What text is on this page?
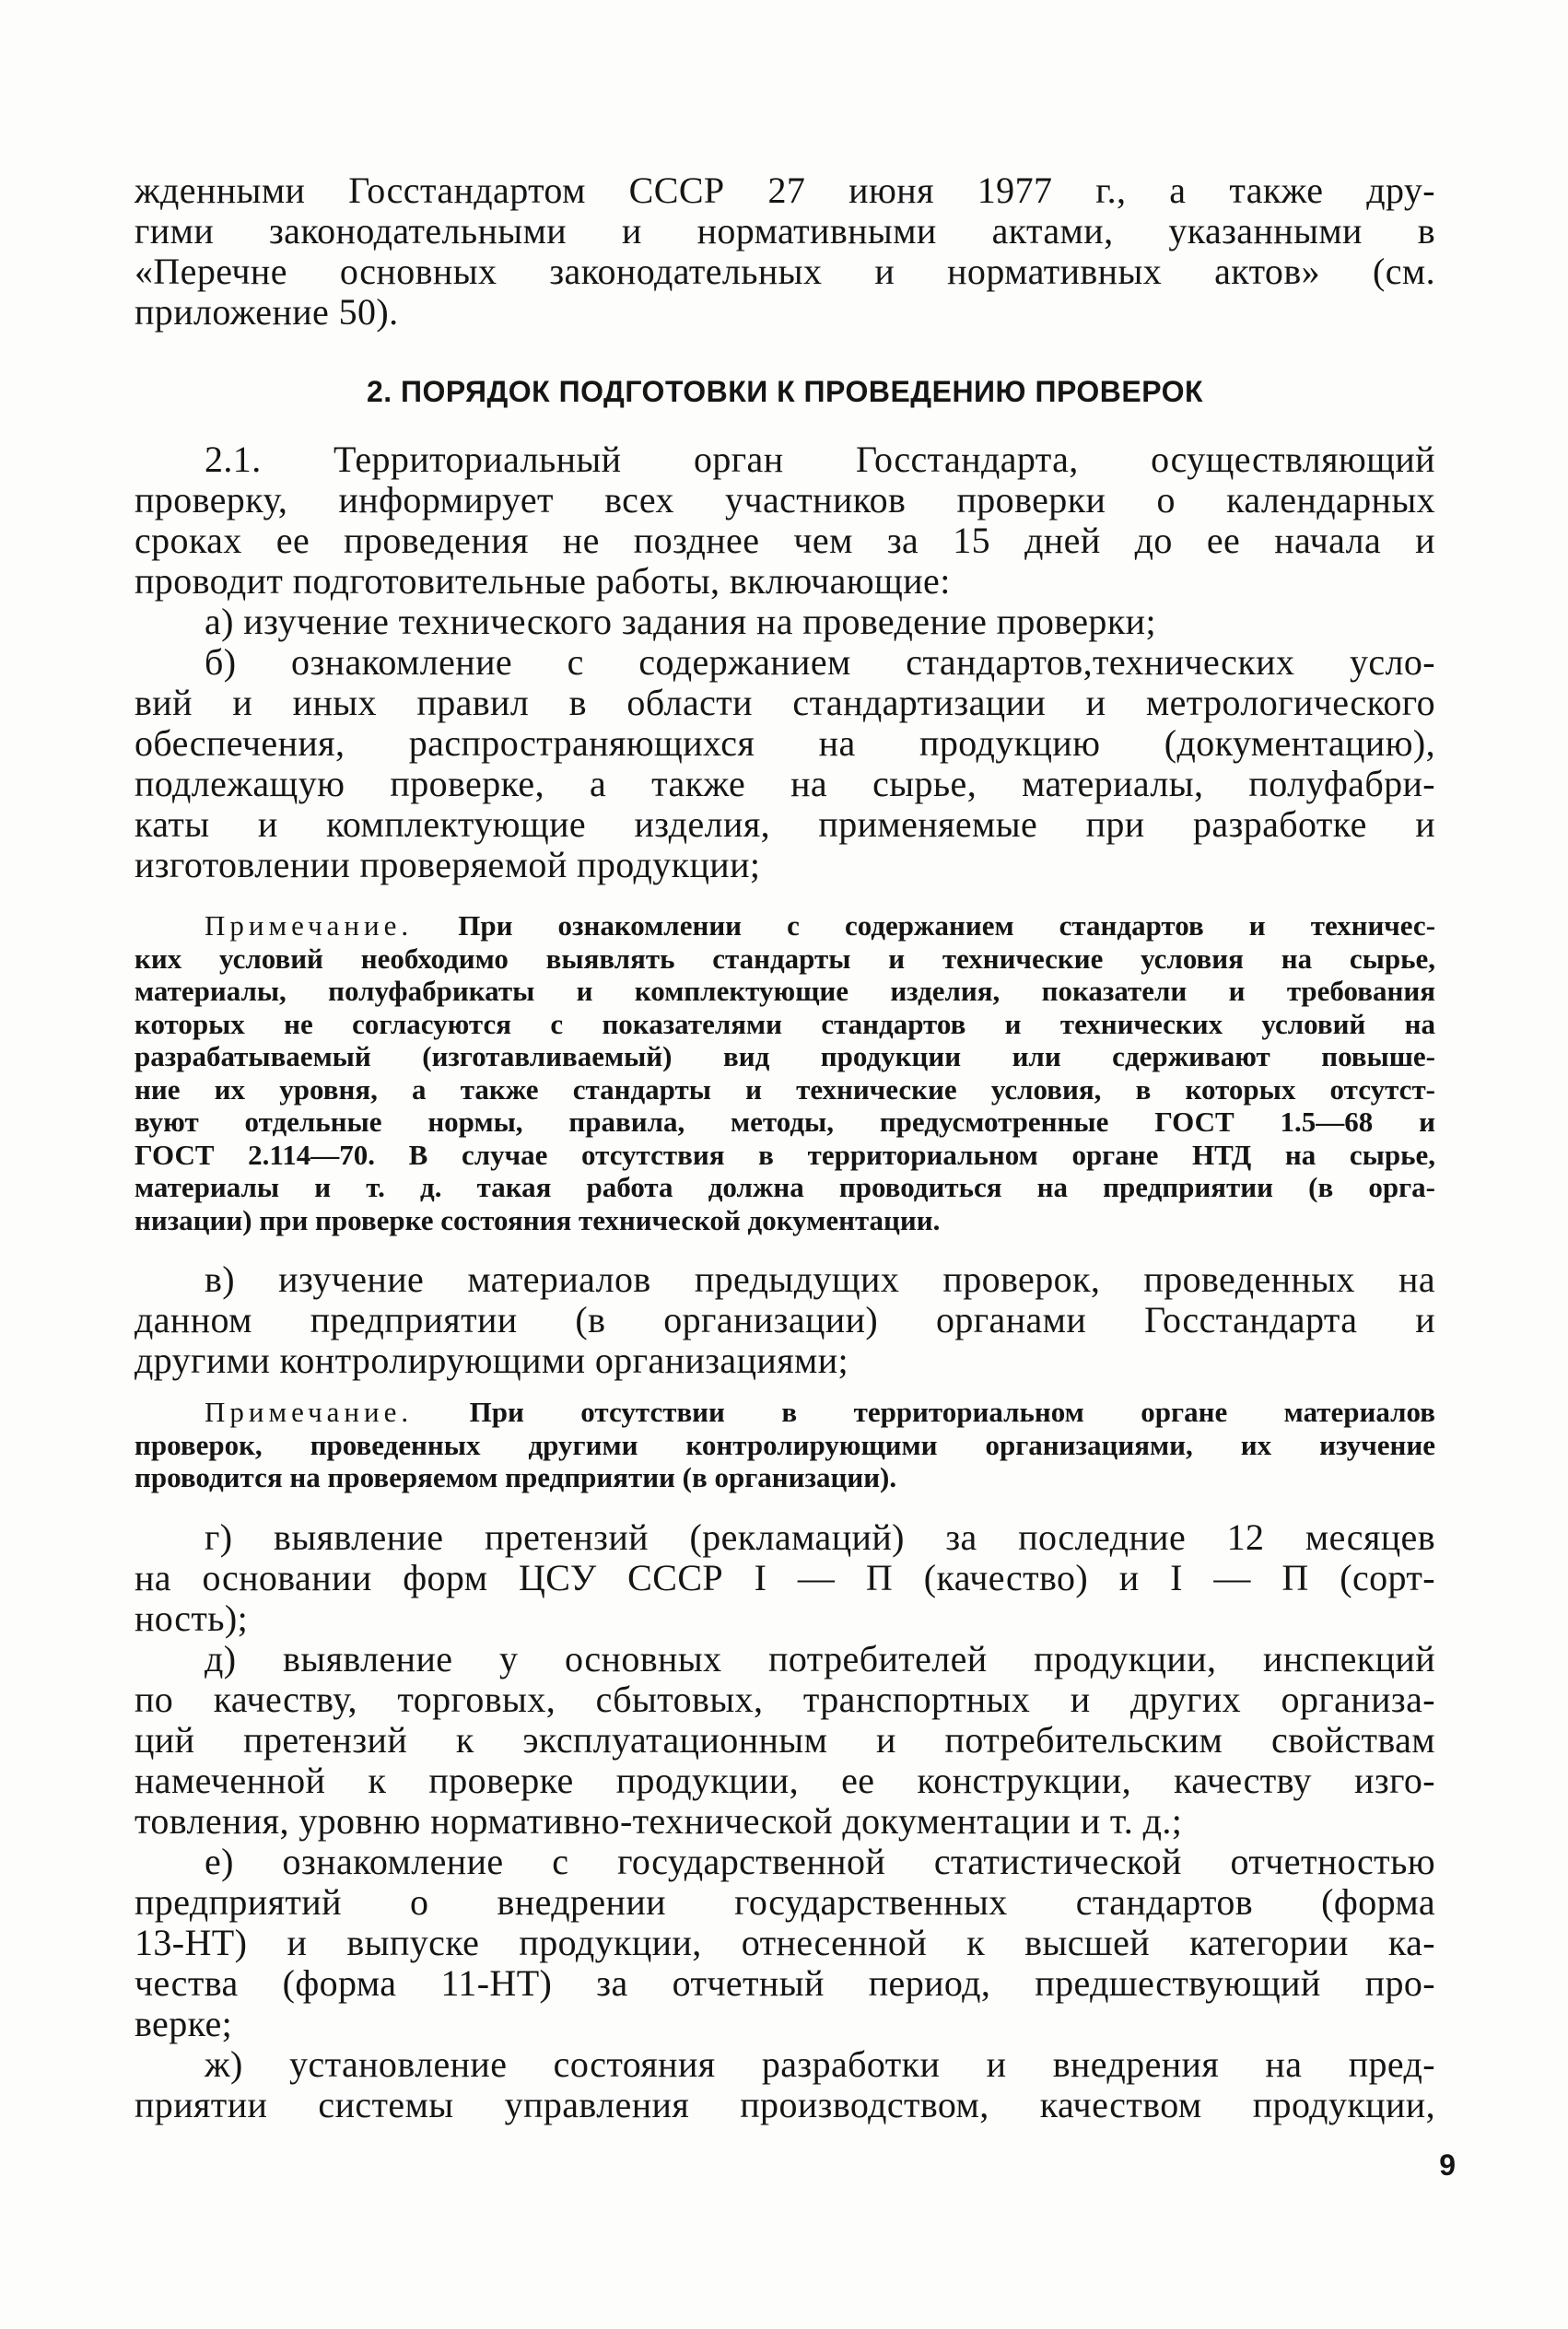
жденными Госстандартом СССР 27 июня 1977 г., а также дру-
гими законодательными и нормативными актами, указанными в
«Перечне основных законодательных и нормативных актов» (см.
приложение 50).
2. ПОРЯДОК ПОДГОТОВКИ К ПРОВЕДЕНИЮ ПРОВЕРОК
2.1. Территориальный орган Госстандарта, осуществляющий
проверку, информирует всех участников проверки о календарных
сроках ее проведения не позднее чем за 15 дней до ее начала и
проводит подготовительные работы, включающие:
а) изучение технического задания на проведение проверки;
б) ознакомление с содержанием стандартов,технических усло-
вий и иных правил в области стандартизации и метрологического
обеспечения, распространяющихся на продукцию (документацию),
подлежащую проверке, а также на сырье, материалы, полуфабри-
каты и комплектующие изделия, применяемые при разработке и
изготовлении проверяемой продукции;
Примечание. При ознакомлении с содержанием стандартов и техничес-
ких условий необходимо выявлять стандарты и технические условия на сырье,
материалы, полуфабрикаты и комплектующие изделия, показатели и требования
которых не согласуются с показателями стандартов и технических условий на
разрабатываемый (изготавливаемый) вид продукции или сдерживают повыше-
ние их уровня, а также стандарты и технические условия, в которых отсутст-
вуют отдельные нормы, правила, методы, предусмотренные ГОСТ 1.5—68 и
ГОСТ 2.114—70. В случае отсутствия в территориальном органе НТД на сырье,
материалы и т. д. такая работа должна проводиться на предприятии (в орга-
низации) при проверке состояния технической документации.
в) изучение материалов предыдущих проверок, проведенных на
данном предприятии (в организации) органами Госстандарта и
другими контролирующими организациями;
Примечание. При отсутствии в территориальном органе материалов
проверок, проведенных другими контролирующими организациями, их изучение
проводится на проверяемом предприятии (в организации).
г) выявление претензий (рекламаций) за последние 12 месяцев
на основании форм ЦСУ СССР I — П (качество) и I — П (сорт-
ность);
д) выявление у основных потребителей продукции, инспекций
по качеству, торговых, сбытовых, транспортных и других организа-
ций претензий к эксплуатационным и потребительским свойствам
намеченной к проверке продукции, ее конструкции, качеству изго-
товления, уровню нормативно-технической документации и т. д.;
е) ознакомление с государственной статистической отчетностью
предприятий о внедрении государственных стандартов (форма
13-НТ) и выпуске продукции, отнесенной к высшей категории ка-
чества (форма 11-НТ) за отчетный период, предшествующий про-
верке;
ж) установление состояния разработки и внедрения на пред-
приятии системы управления производством, качеством продукции,
9
